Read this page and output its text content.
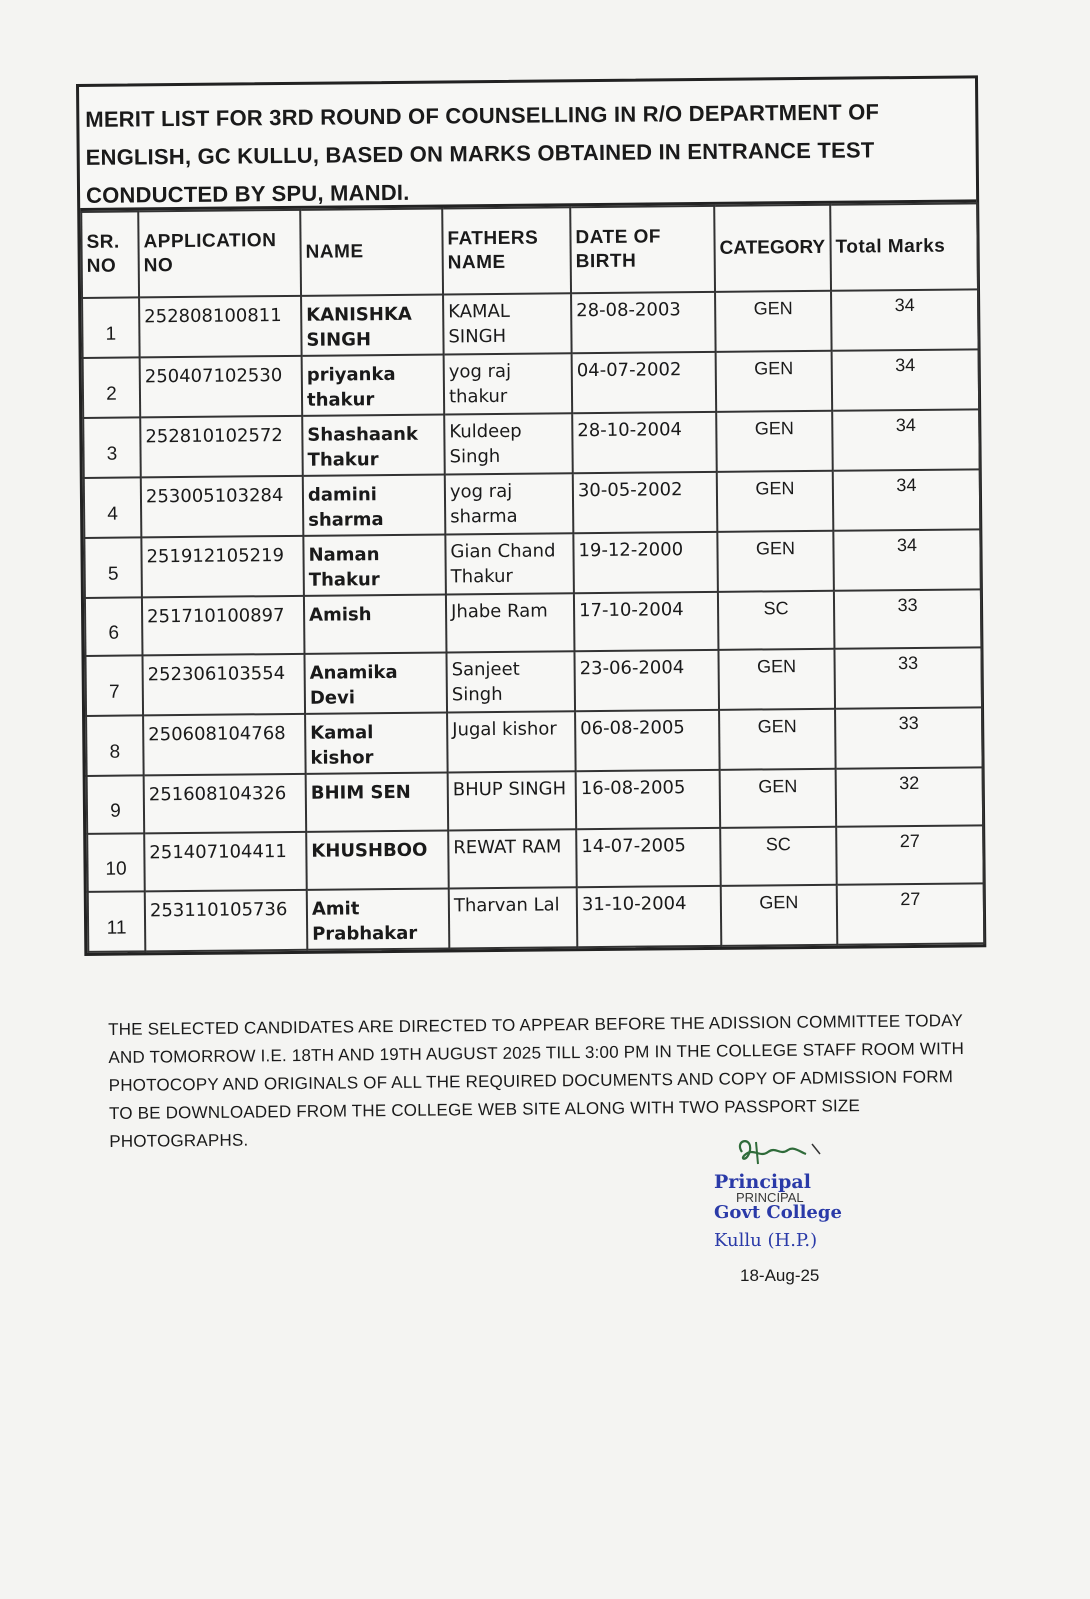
MERIT LIST FOR 3RD ROUND OF COUNSELLING IN R/O DEPARTMENT OF ENGLISH, GC KULLU, BASED ON MARKS OBTAINED IN ENTRANCE TEST CONDUCTED BY SPU, MANDI.
SR. NO	APPLICATION NO	NAME	FATHERS NAME	DATE OF BIRTH	CATEGORY	Total Marks
1	252808100811	KANISHKA SINGH	KAMAL SINGH	28-08-2003	GEN	34
2	250407102530	priyanka thakur	yog raj thakur	04-07-2002	GEN	34
3	252810102572	Shashaank Thakur	Kuldeep Singh	28-10-2004	GEN	34
4	253005103284	damini sharma	yog raj sharma	30-05-2002	GEN	34
5	251912105219	Naman Thakur	Gian Chand Thakur	19-12-2000	GEN	34
6	251710100897	Amish	Jhabe Ram	17-10-2004	SC	33
7	252306103554	Anamika Devi	Sanjeet Singh	23-06-2004	GEN	33
8	250608104768	Kamal kishor	Jugal kishor	06-08-2005	GEN	33
9	251608104326	BHIM SEN	BHUP SINGH	16-08-2005	GEN	32
10	251407104411	KHUSHBOO	REWAT RAM	14-07-2005	SC	27
11	253110105736	Amit Prabhakar	Tharvan Lal	31-10-2004	GEN	27
THE SELECTED CANDIDATES ARE DIRECTED TO APPEAR BEFORE THE ADISSION COMMITTEE TODAY AND TOMORROW I.E. 18TH AND 19TH AUGUST 2025 TILL 3:00 PM IN THE COLLEGE STAFF ROOM WITH PHOTOCOPY AND ORIGINALS OF ALL THE REQUIRED DOCUMENTS AND COPY OF ADMISSION FORM TO BE DOWNLOADED FROM THE COLLEGE WEB SITE ALONG WITH TWO PASSPORT SIZE PHOTOGRAPHS.
Principal
PRINCIPAL
Govt College
Kullu (H.P.)
18-Aug-25
